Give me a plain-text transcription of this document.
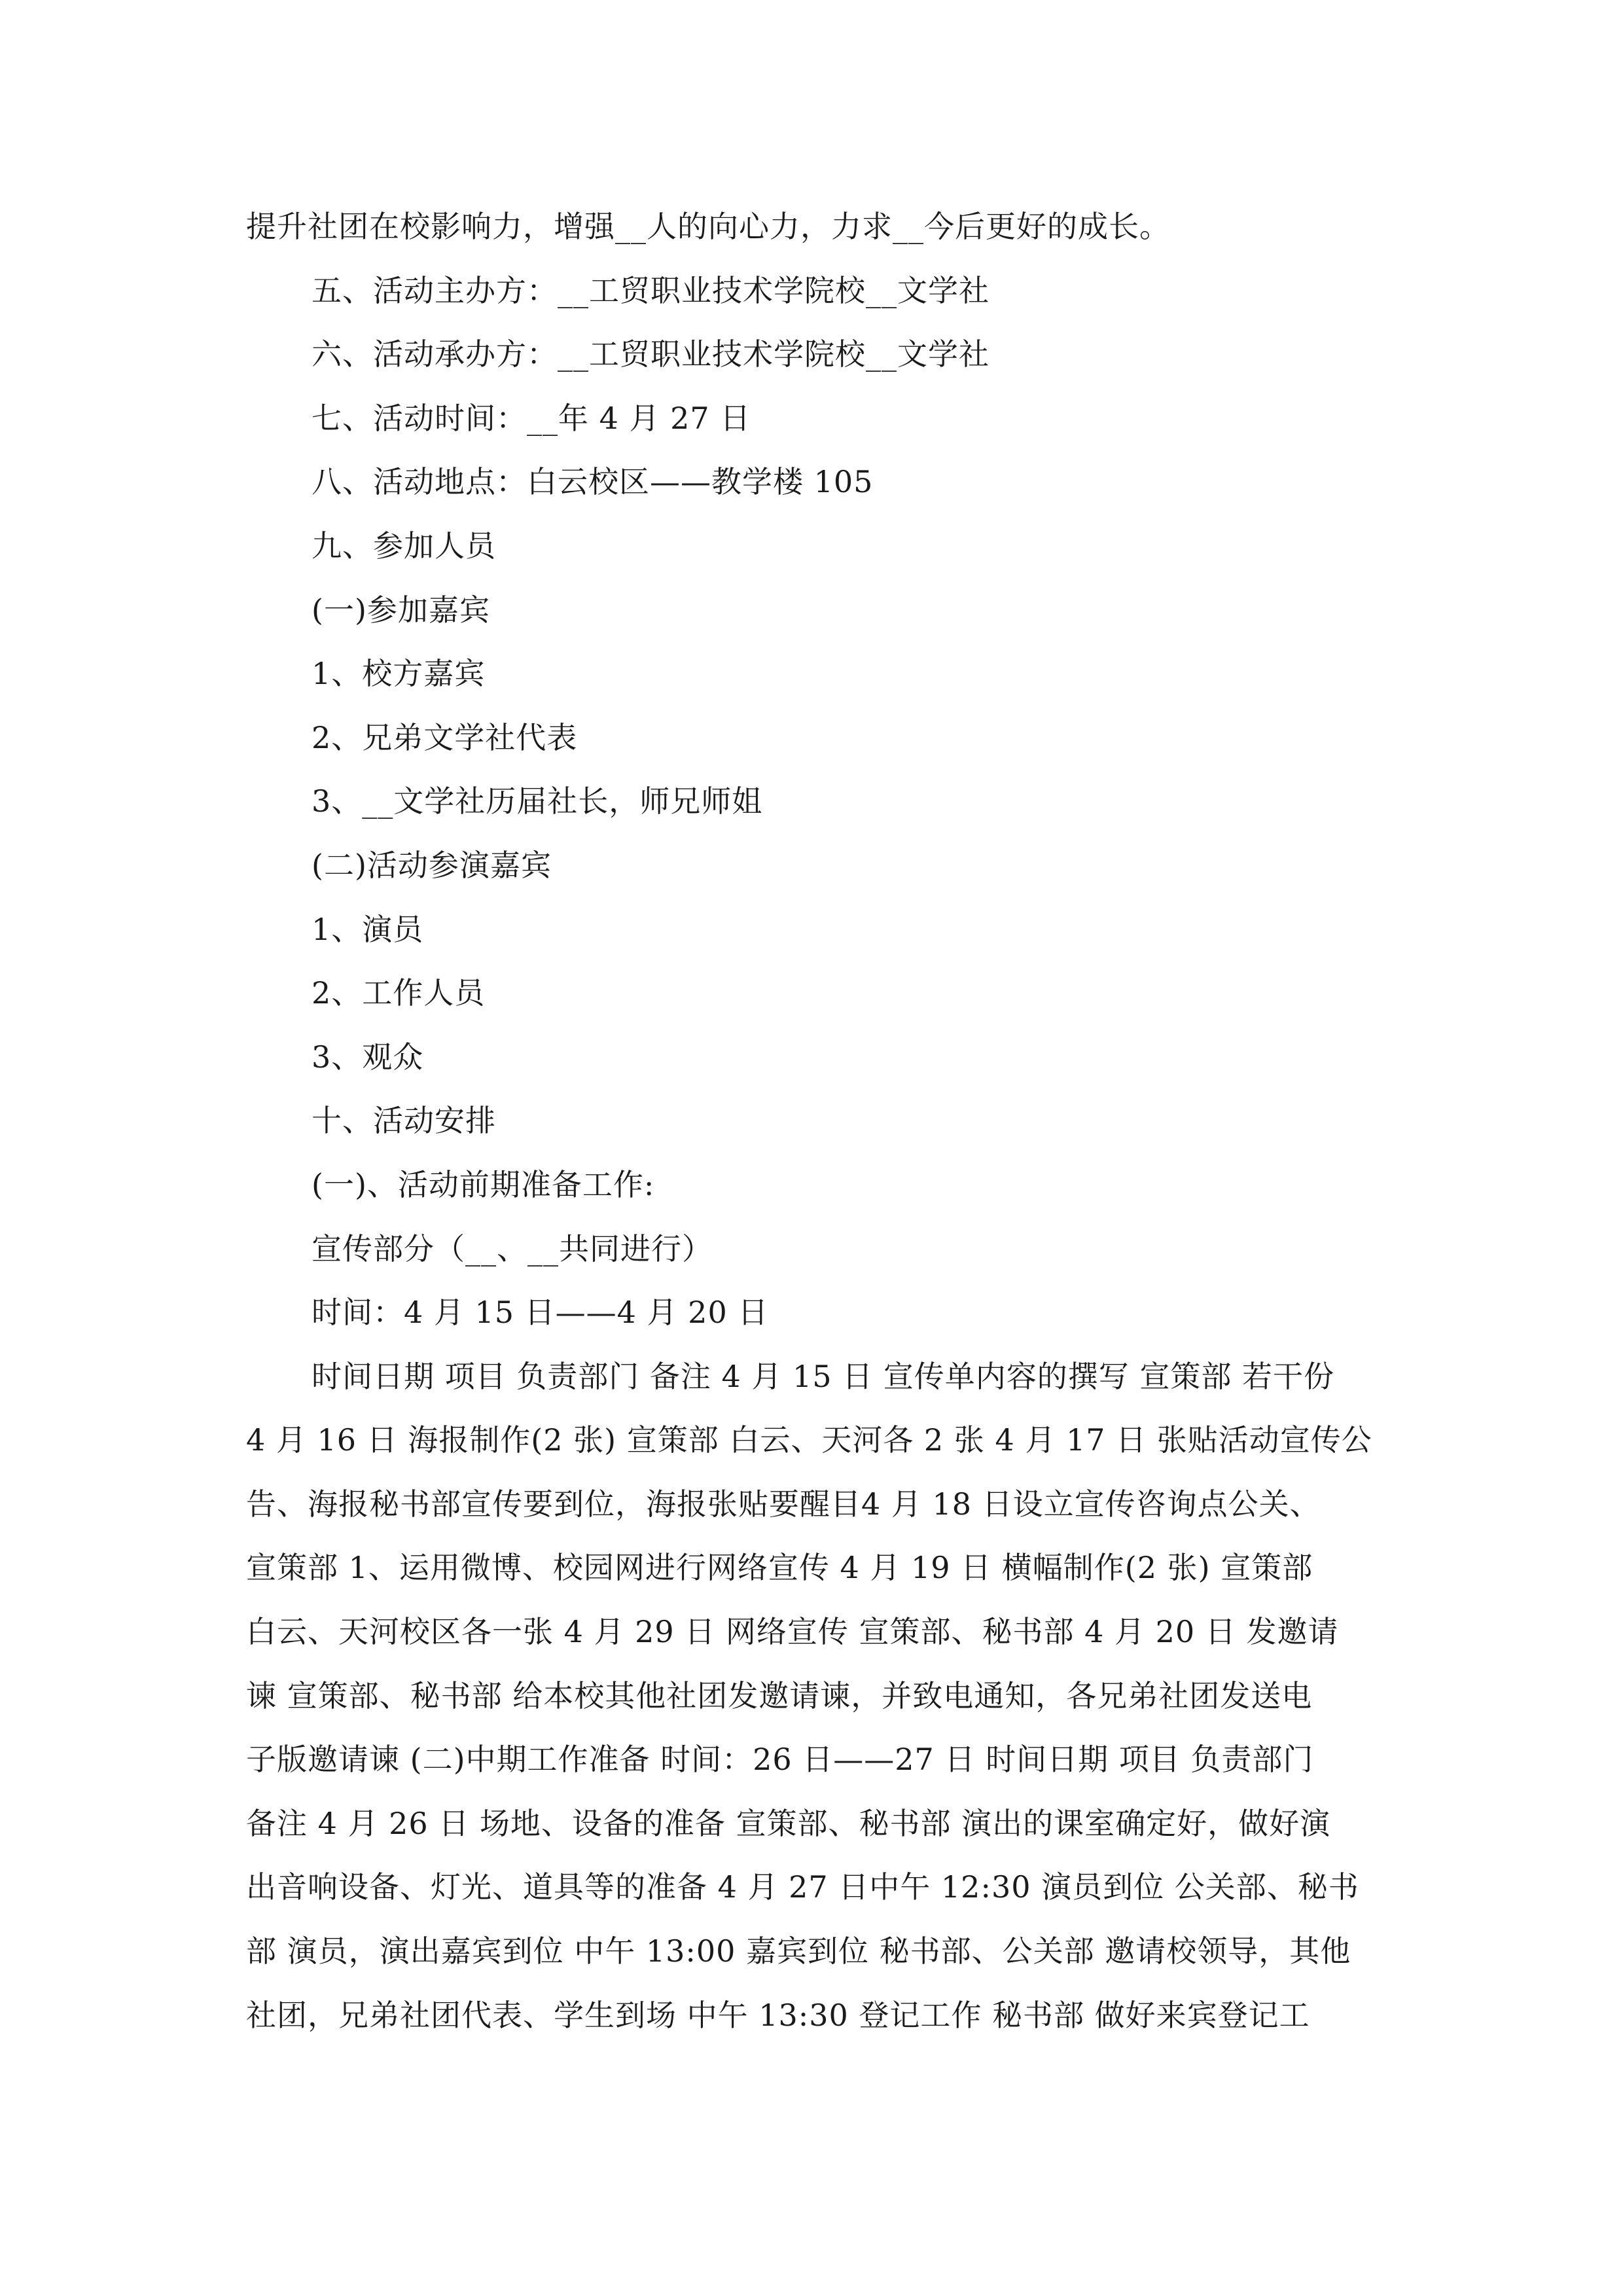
提升社团在校影响力，增强__人的向心力，力求__今后更好的成长。
五、活动主办方：__工贸职业技术学院校__文学社
六、活动承办方：__工贸职业技术学院校__文学社
七、活动时间：__年 4 月 27 日
八、活动地点：白云校区——教学楼 105
九、参加人员
(一)参加嘉宾
1、校方嘉宾
2、兄弟文学社代表
3、__文学社历届社长，师兄师姐
(二)活动参演嘉宾
1、演员
2、工作人员
3、观众
十、活动安排
(一)、活动前期准备工作:
宣传部分（__、__共同进行）
时间：4 月 15 日——4 月 20 日
时间日期 项目 负责部门 备注 4 月 15 日 宣传单内容的撰写 宣策部 若干份
4 月 16 日 海报制作(2 张) 宣策部 白云、天河各 2 张 4 月 17 日 张贴活动宣传公
告、海报秘书部宣传要到位，海报张贴要醒目4 月 18 日设立宣传咨询点公关、
宣策部 1、运用微博、校园网进行网络宣传 4 月 19 日 横幅制作(2 张) 宣策部
白云、天河校区各一张 4 月 29 日 网络宣传 宣策部、秘书部 4 月 20 日 发邀请
谏 宣策部、秘书部 给本校其他社团发邀请谏，并致电通知，各兄弟社团发送电
子版邀请谏 (二)中期工作准备 时间：26 日——27 日 时间日期 项目 负责部门
备注 4 月 26 日 场地、设备的准备 宣策部、秘书部 演出的课室确定好，做好演
出音响设备、灯光、道具等的准备 4 月 27 日中午 12:30 演员到位 公关部、秘书
部 演员，演出嘉宾到位 中午 13:00 嘉宾到位 秘书部、公关部 邀请校领导，其他
社团，兄弟社团代表、学生到场 中午 13:30 登记工作 秘书部 做好来宾登记工
